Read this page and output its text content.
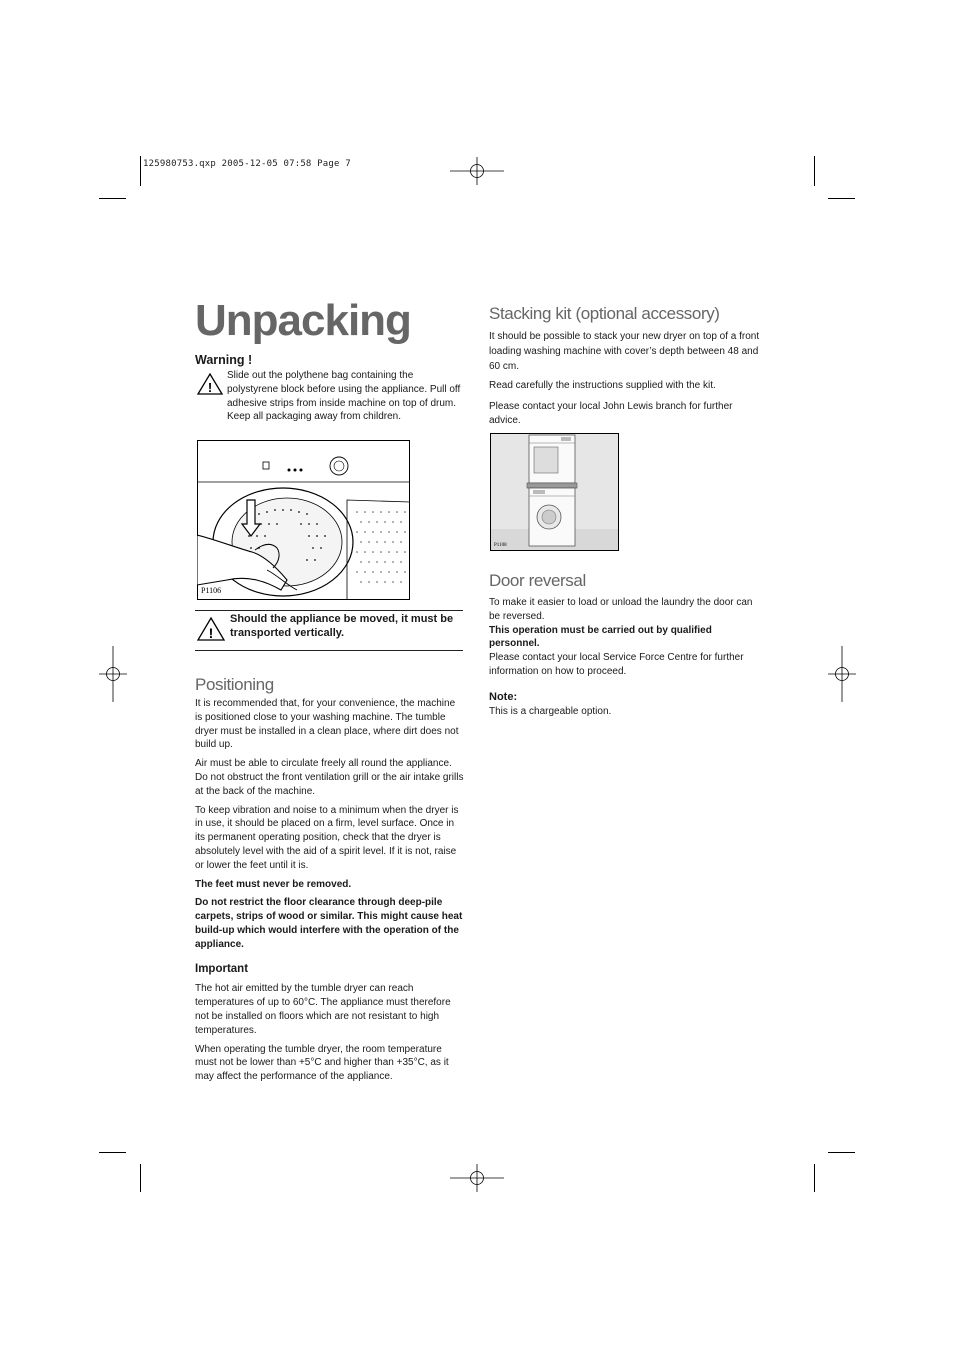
125980753.qxp 2005-12-05 07:58 Page 7
Unpacking
Warning !
!
Slide out the polythene bag containing the polystyrene block before using the appliance. Pull off adhesive strips from inside machine on top of drum.
Keep all packaging away from children.
P1106
!
Should the appliance be moved, it must be transported vertically.
Positioning

It is recommended that, for your convenience, the machine is positioned close to your washing machine. The tumble dryer must be installed in a clean place, where dirt does not build up.

Air must be able to circulate freely all round the appliance. Do not obstruct the front ventilation grill or the air intake grills at the back of the machine.

To keep vibration and noise to a minimum when the dryer is in use, it should be placed on a firm, level surface. Once in its permanent operating position, check that the dryer is absolutely level with the aid of a spirit level. If it is not, raise or lower the feet until it is.

The feet must never be removed.

Do not restrict the floor clearance through deep-pile carpets, strips of wood or similar. This might cause heat build-up which would interfere with the operation of the appliance.

Important

The hot air emitted by the tumble dryer can reach temperatures of up to 60°C. The appliance must therefore not be installed on floors which are not resistant to high temperatures.

When operating the tumble dryer, the room temperature must not be lower than +5°C and higher than +35°C, as it may affect the performance of the appliance.

Stacking kit (optional accessory)

It should be possible to stack your new dryer on top of a front loading washing machine with cover’s depth between 48 and 60 cm.

Read carefully the instructions supplied with the kit.

Please contact your local John Lewis branch for further advice.

P1108
Door reversal
To make it easier to load or unload the laundry the door can be reversed.
This operation must be carried out by qualified personnel.
Please contact your local Service Force Centre for further information on how to proceed.
Note:
This is a chargeable option.
